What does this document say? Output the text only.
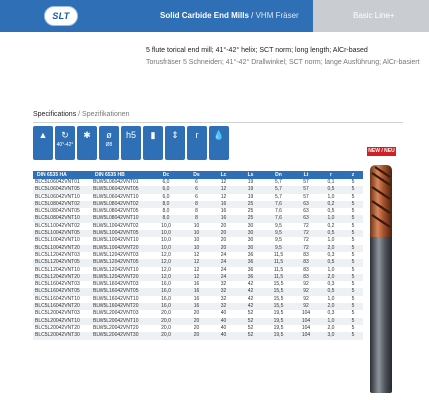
SLT	Solid Carbide End Mills / VHM Fräser	Basic Line+
5 flute torical end mill; 41°-42° helix; SCT norm; long length; AlCr-based
Torusfräser 5 Schneiden; 41°-42° Drallwinkel; SCT norm; lange Ausführung; AlCr-basiert
Specifications / Spezifikationen
▲	↻
40°-42°
✱	ø
Ø8
h5	▮	⇕	r	💧
NEW / NEU
DIN 6535 HA	DIN 6535 HB	Dc	Ds	Lc	Ls	Dn	Lt	r	z
BLC5L06042VNT01	BLW5L06042VNT01	6,0	6	12	19	5,7	57	0,1	5
BLC5L06042VNT05	BLW5L06042VNT05	6,0	6	12	19	5,7	57	0,5	5
BLC5L06042VNT10	BLW5L06042VNT10	6,0	6	12	19	5,7	57	1,0	5
BLC5L08042VNT02	BLW5L08042VNT02	8,0	8	16	25	7,6	63	0,2	5
BLC5L08042VNT05	BLW5L08042VNT05	8,0	8	16	25	7,6	63	0,5	5
BLC5L08042VNT10	BLW5L08042VNT10	8,0	8	16	25	7,6	63	1,0	5
BLC5L10042VNT02	BLW5L10042VNT02	10,0	10	20	30	9,5	72	0,2	5
BLC5L10042VNT05	BLW5L10042VNT05	10,0	10	20	30	9,5	72	0,5	5
BLC5L10042VNT10	BLW5L10042VNT10	10,0	10	20	30	9,5	72	1,0	5
BLC5L10042VNT20	BLW5L10042VNT20	10,0	10	20	30	9,5	72	2,0	5
BLC5L12042VNT03	BLW5L12042VNT03	12,0	12	24	36	11,5	83	0,3	5
BLC5L12042VNT05	BLW5L12042VNT05	12,0	12	24	36	11,5	83	0,5	5
BLC5L12042VNT10	BLW5L12042VNT10	12,0	12	24	36	11,5	83	1,0	5
BLC5L12042VNT20	BLW5L12042VNT20	12,0	12	24	36	11,5	83	2,0	5
BLC5L16042VNT03	BLW5L16042VNT03	16,0	16	32	42	15,5	92	0,3	5
BLC5L16042VNT05	BLW5L16042VNT05	16,0	16	32	42	15,5	92	0,5	5
BLC5L16042VNT10	BLW5L16042VNT10	16,0	16	32	42	15,5	92	1,0	5
BLC5L16042VNT20	BLW5L16042VNT20	16,0	16	32	42	15,5	92	2,0	5
BLC5L20042VNT03	BLW5L20042VNT03	20,0	20	40	52	19,5	104	0,3	5
BLC5L20042VNT10	BLW5L20042VNT10	20,0	20	40	52	19,5	104	1,0	5
BLC5L20042VNT20	BLW5L20042VNT20	20,0	20	40	52	19,5	104	2,0	5
BLC5L20042VNT30	BLW5L20042VNT30	20,0	20	40	52	19,5	104	3,0	5
